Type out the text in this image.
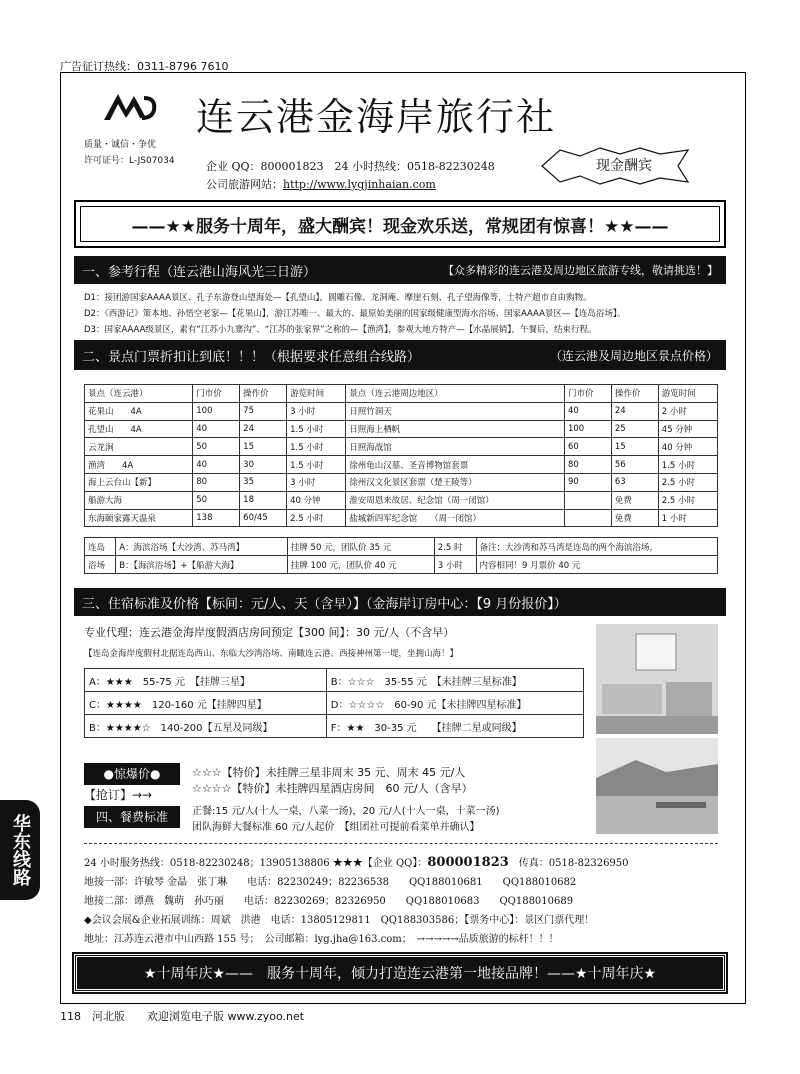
广告征订热线：0311-8796 7610
连云港金海岸旅行社
质量・诚信・争优
许可证号：L-JS07034	企业 QQ：800001823　24 小时热线：0518-82230248
公司旅游网站：http://www.lygjinhaian.com
现金酬宾
——★★服务十周年，盛大酬宾！现金欢乐送，常规团有惊喜！★★——
一、参考行程（连云港山海风光三日游）	【众多精彩的连云港及周边地区旅游专线，敬请挑选！】
D1：接团游国家AAAA景区、孔子东游登山望海处—【孔望山】，圆雕石像、龙洞庵、摩崖石刻、孔子望海像等，土特产超市自由购物。
D2：《西游记》策本地、孙悟空老家—【花果山】，游江苏唯一、最大的、最原始美丽的国家级健康型海水浴场、国家AAAA景区—【连岛浴场】。
D3：国家AAAA级景区，素有“江苏小九寨沟”、“江苏的张家界”之称的—【渔湾】，参观大地方特产—【水晶展销】，午餐后，结束行程。
二、景点门票折扣让到底！！！（根据要求任意组合线路）	（连云港及周边地区景点价格）
景点（连云港）	门市价	操作价	游览时间	景点（连云港周边地区）	门市价	操作价	游览时间
花果山　　4A	100	75	3 小时	日照竹洞天	40	24	2 小时
孔望山　　4A	40	24	1.5 小时	日照海上栖帆	100	25	45 分钟
云龙涧	50	15	1.5 小时	日照海战馆	60	15	40 分钟
渔湾　　4A	40	30	1.5 小时	徐州龟山汉墓、圣音博物馆套票	80	56	1.5 小时
海上云台山【新】	80	35	3 小时	徐州汉文化景区套票（楚王陵等）	90	63	2.5 小时
船游大海	50	18	40 分钟	淮安周恩来故居、纪念馆（周一闭馆）		免费	2.5 小时
东海颐家露天温泉	138	60/45	2.5 小时	盐城新四军纪念馆　　（周一闭馆）		免费	1 小时
连岛	A：海滨浴场【大沙湾、苏马湾】	挂牌 50 元，团队价 35 元	2.5 时	备注：大沙湾和苏马湾是连岛的两个海滨浴场，
浴场	B：【海滨浴场】+【船游大海】	挂牌 100 元，团队价 40 元	3 小时	内容相同！9 月票价 40 元
三、住宿标准及价格【标间：元/人、天（含早）】（金海岸订房中心：【9 月份报价】）
专业代理：连云港金海岸度假酒店房间预定【300 间】：30 元/人（不含早）
【连岛金海岸度假村北据连岛西山、东临大沙湾浴场、南瞰连云港、西接神州第一堤，坐拥山海！】
A：★★★　55-75 元　【挂牌三星】	B：☆☆☆　35-55 元　【未挂牌三星标准】
C：★★★★　120-160 元【挂牌四星】	D：☆☆☆☆　60-90 元【未挂牌四星标准】
B：★★★★☆　140-200【五星及同级】	F：★★　30-35 元　　【挂牌二星或同级】
●惊爆价●
【抢订】→→
☆☆☆【特价】未挂牌三星非周末 35 元、周末 45 元/人
☆☆☆☆【特价】未挂牌四星酒店房间　60 元/人（含早）
四、餐费标准	正餐:15 元/人(十人一桌，八菜一汤)，20 元/人(十人一桌，十菜一汤)
团队海鲜大餐标准 60 元/人起价　【组团社可提前看菜单并确认】
24 小时服务热线：0518-82230248；13905138806 ★★★【企业 QQ】：800001823　 传真：0518-82326950
地接一部：许敏琴 金晶　张丁琳　　电话：82230249；82236538　　QQ188010681　　QQ188010682
地接二部：谭燕　魏萌　孙巧丽　　电话：82230269；82326950　　QQ188010683　　QQ188010689
◆会议会展&企业拓展训练：周斌　洪港　电话：13805129811　QQ188303586；【票务中心】：景区门票代理！
地址：江苏连云港市中山西路 155 号；　公司邮箱：lyg.jha@163.com；　→→→→→品质旅游的标杆！！！
★十周年庆★——　服务十周年，倾力打造连云港第一地接品牌！——★十周年庆★
118　河北版　　欢迎浏览电子版 www.zyoo.net
华东线路
